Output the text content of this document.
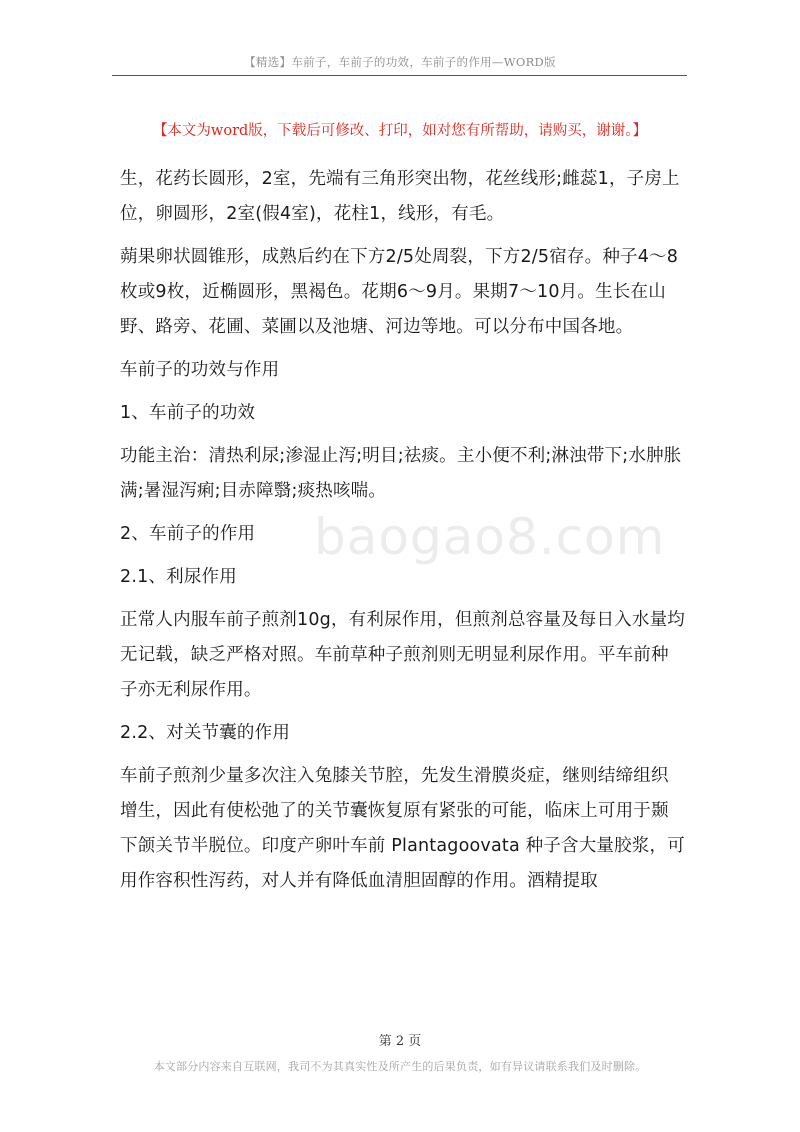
【精选】车前子，车前子的功效，车前子的作用—WORD版
【本文为word版，下载后可修改、打印，如对您有所帮助，请购买，谢谢。】

生，花药长圆形，2室，先端有三角形突出物，花丝线形;雌蕊1，子房上位，卵圆形，2室(假4室)，花柱1，线形，有毛。

蒴果卵状圆锥形，成熟后约在下方2/5处周裂，下方2/5宿存。种子4～8枚或9枚，近椭圆形，黑褐色。花期6～9月。果期7～10月。生长在山野、路旁、花圃、菜圃以及池塘、河边等地。可以分布中国各地。

车前子的功效与作用

1、车前子的功效

功能主治：清热利尿;渗湿止泻;明目;祛痰。主小便不利;淋浊带下;水肿胀满;暑湿泻痢;目赤障翳;痰热咳喘。

2、车前子的作用

2.1、利尿作用

正常人内服车前子煎剂10g，有利尿作用，但煎剂总容量及每日入水量均无记载，缺乏严格对照。车前草种子煎剂则无明显利尿作用。平车前种子亦无利尿作用。

2.2、对关节囊的作用

车前子煎剂少量多次注入兔膝关节腔，先发生滑膜炎症，继则结缔组织增生，因此有使松弛了的关节囊恢复原有紧张的可能，临床上可用于颞下颌关节半脱位。印度产卵叶车前 Plantagoovata 种子含大量胶浆，可用作容积性泻药，对人并有降低血清胆固醇的作用。酒精提取

baogao8.com
第 2 页
本文部分内容来自互联网，我司不为其真实性及所产生的后果负责，如有异议请联系我们及时删除。
